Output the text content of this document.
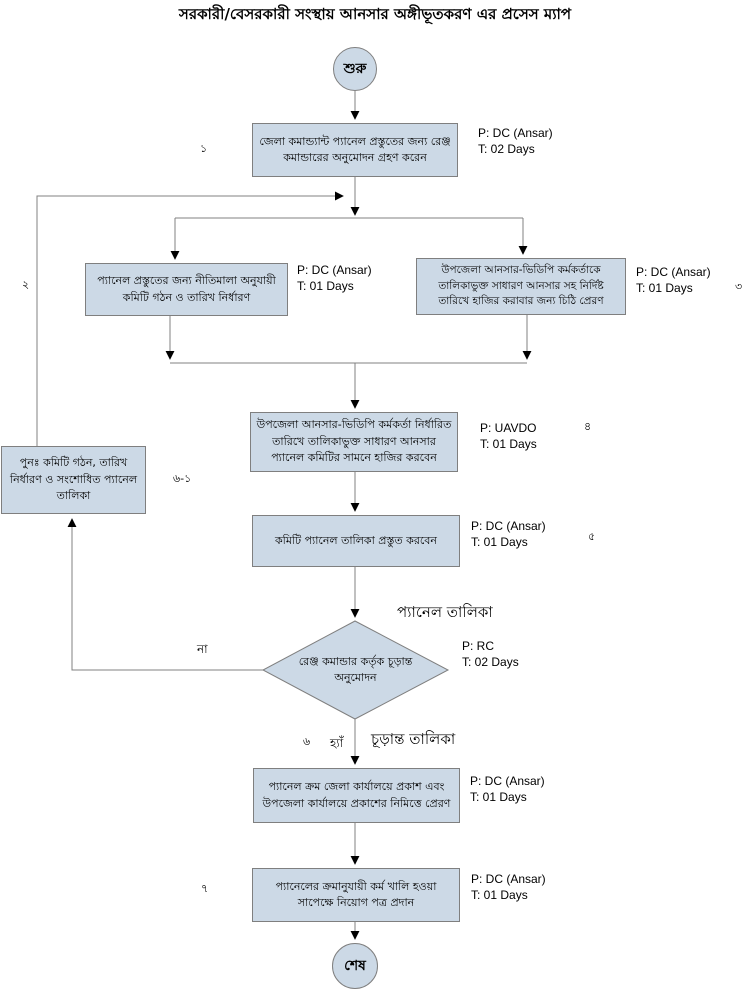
সরকারী/বেসরকারী সংস্থায় আনসার অঙ্গীভূতকরণ এর প্রসেস ম্যাপ
শুরু
শেষ
জেলা কমান্ড্যান্ট প্যানেল প্রস্তুতের জন্য রেঞ্জ কমান্ডারের অনুমোদন গ্রহণ করেন
প্যানেল প্রস্তুতের জন্য নীতিমালা অনুযায়ী কমিটি গঠন ও তারিখ নির্ধারণ
উপজেলা আনসার-ভিডিপি কর্মকর্তাকে তালিকাভুক্ত সাধারণ আনসার সহ নির্দিষ্ট তারিখে হাজির করাবার জন্য চিঠি প্রেরণ
উপজেলা আনসার-ভিডিপি কর্মকর্তা নির্ধারিত তারিখে তালিকাভুক্ত সাধারণ আনসার প্যানেল কমিটির সামনে হাজির করবেন
কমিটি প্যানেল তালিকা প্রস্তুত করবেন
প্যানেল ক্রম জেলা কার্যালয়ে প্রকাশ এবং উপজেলা কার্যালয়ে প্রকাশের নিমিত্তে প্রেরণ
প্যানেলের ক্রমানুযায়ী কর্ম খালি হওয়া সাপেক্ষে নিয়োগ পত্র প্রদান
পুনঃ কমিটি গঠন, তারিখ নির্ধারণ ও সংশোধিত প্যানেল তালিকা
রেঞ্জ কমান্ডার কর্তৃক চূড়ান্ত অনুমোদন
P: DC (Ansar)
T: 02 Days
P: DC (Ansar)
T: 01 Days
P: DC (Ansar)
T: 01 Days
P: UAVDO
T: 01 Days
P: DC (Ansar)
T: 01 Days
P: RC
T: 02 Days
P: DC (Ansar)
T: 01 Days
P: DC (Ansar)
T: 01 Days
১
২	৩
৪
৫
৬-১
৬
৭
না
হ্যাঁ
প্যানেল তালিকা
চূড়ান্ত তালিকা
